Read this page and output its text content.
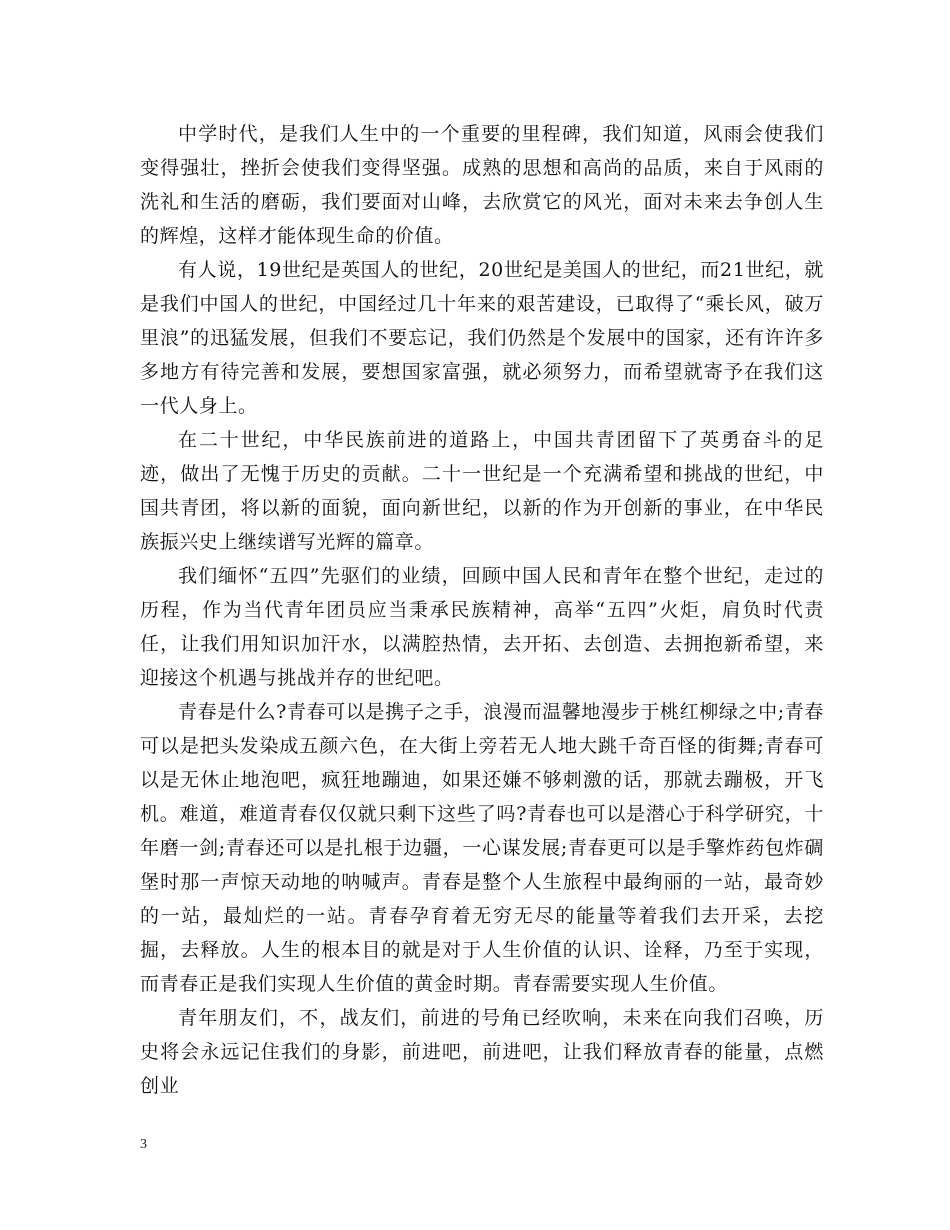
中学时代，是我们人生中的一个重要的里程碑，我们知道，风雨会使我们变得强壮，挫折会使我们变得坚强。成熟的思想和高尚的品质，来自于风雨的洗礼和生活的磨砺，我们要面对山峰，去欣赏它的风光，面对未来去争创人生的辉煌，这样才能体现生命的价值。

有人说，19世纪是英国人的世纪，20世纪是美国人的世纪，而21世纪，就是我们中国人的世纪，中国经过几十年来的艰苦建设，已取得了“乘长风，破万里浪”的迅猛发展，但我们不要忘记，我们仍然是个发展中的国家，还有许许多多地方有待完善和发展，要想国家富强，就必须努力，而希望就寄予在我们这一代人身上。

在二十世纪，中华民族前进的道路上，中国共青团留下了英勇奋斗的足迹，做出了无愧于历史的贡献。二十一世纪是一个充满希望和挑战的世纪，中国共青团，将以新的面貌，面向新世纪，以新的作为开创新的事业，在中华民族振兴史上继续谱写光辉的篇章。

我们缅怀“五四”先驱们的业绩，回顾中国人民和青年在整个世纪，走过的历程，作为当代青年团员应当秉承民族精神，高举“五四”火炬，肩负时代责任，让我们用知识加汗水，以满腔热情，去开拓、去创造、去拥抱新希望，来迎接这个机遇与挑战并存的世纪吧。

青春是什么?青春可以是携子之手，浪漫而温馨地漫步于桃红柳绿之中;青春可以是把头发染成五颜六色，在大街上旁若无人地大跳千奇百怪的街舞;青春可以是无休止地泡吧，疯狂地蹦迪，如果还嫌不够刺激的话，那就去蹦极，开飞机。难道，难道青春仅仅就只剩下这些了吗?青春也可以是潜心于科学研究，十年磨一剑;青春还可以是扎根于边疆，一心谋发展;青春更可以是手擎炸药包炸碉堡时那一声惊天动地的呐喊声。青春是整个人生旅程中最绚丽的一站，最奇妙的一站，最灿烂的一站。青春孕育着无穷无尽的能量等着我们去开采，去挖掘，去释放。人生的根本目的就是对于人生价值的认识、诠释，乃至于实现，而青春正是我们实现人生价值的黄金时期。青春需要实现人生价值。

青年朋友们，不，战友们，前进的号角已经吹响，未来在向我们召唤，历史将会永远记住我们的身影，前进吧，前进吧，让我们释放青春的能量，点燃创业

3
